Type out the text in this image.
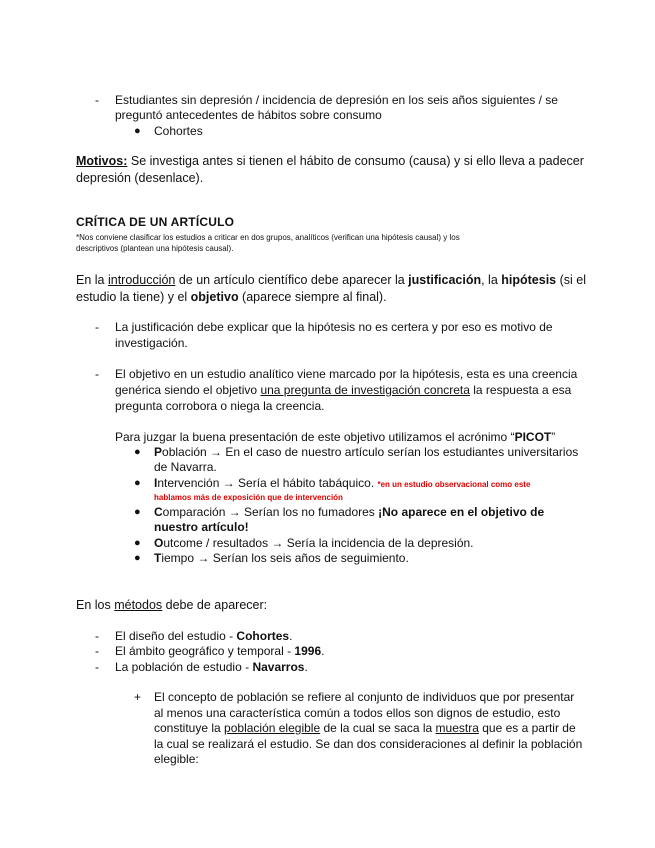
- Estudiantes sin depresión / incidencia de depresión en los seis años siguientes / se
preguntó antecedentes de hábitos sobre consumo
● Cohortes
Motivos: Se investiga antes si tienen el hábito de consumo (causa) y si ello lleva a padecer
depresión (desenlace).
CRÍTICA DE UN ARTÍCULO
*Nos conviene clasificar los estudios a criticar en dos grupos, analíticos (verifican una hipótesis causal) y los
descriptivos (plantean una hipótesis causal).
En la introducción de un artículo científico debe aparecer la justificación, la hipótesis (si el
estudio la tiene) y el objetivo (aparece siempre al final).
- La justificación debe explicar que la hipótesis no es certera y por eso es motivo de
investigación.
- El objetivo en un estudio analítico viene marcado por la hipótesis, esta es una creencia
genérica siendo el objetivo una pregunta de investigación concreta la respuesta a esa
pregunta corrobora o niega la creencia.
Para juzgar la buena presentación de este objetivo utilizamos el acrónimo “PICOT”
● Población → En el caso de nuestro artículo serían los estudiantes universitarios
de Navarra.
● Intervención → Sería el hábito tabáquico. *en un estudio observacional como este
hablamos más de exposición que de intervención
● Comparación → Serían los no fumadores ¡No aparece en el objetivo de
nuestro artículo!
● Outcome / resultados → Sería la incidencia de la depresión.
● Tiempo → Serían los seis años de seguimiento.
En los métodos debe de aparecer:
- El diseño del estudio - Cohortes.
- El ámbito geográfico y temporal - 1996.
- La población de estudio - Navarros.
+ El concepto de población se refiere al conjunto de individuos que por presentar
al menos una característica común a todos ellos son dignos de estudio, esto
constituye la población elegible de la cual se saca la muestra que es a partir de
la cual se realizará el estudio. Se dan dos consideraciones al definir la población
elegible:
